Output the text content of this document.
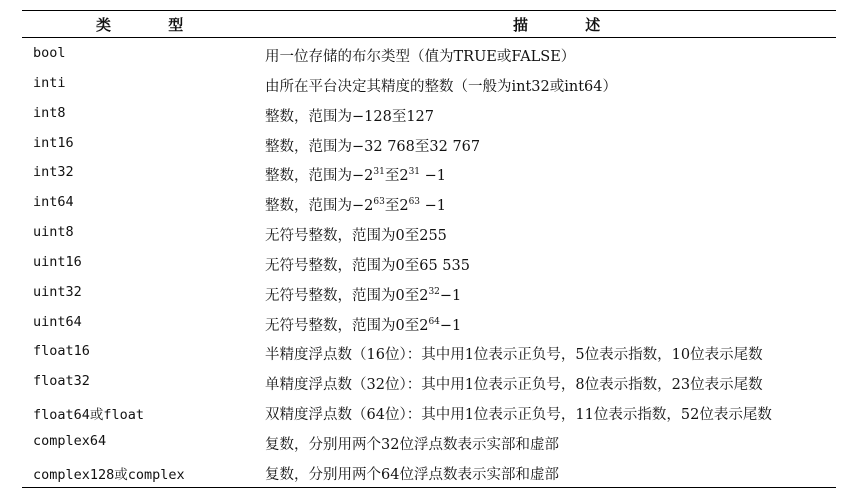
类 型	描 述
bool	用一位存储的布尔类型（值为TRUE或FALSE）
inti	由所在平台决定其精度的整数（一般为int32或int64）
int8	整数，范围为−128至127
int16	整数，范围为−32 768至32 767
int32	整数，范围为$-2^{31}$至$2^{31} -1$
int64	整数，范围为$-2^{63}$至$2^{63} -1$
uint8	无符号整数，范围为0至255
uint16	无符号整数，范围为0至65 535
uint32	无符号整数，范围为0至$2^{32}-1$
uint64	无符号整数，范围为0至$2^{64}-1$
float16	半精度浮点数（16位）：其中用1位表示正负号，5位表示指数，10位表示尾数
float32	单精度浮点数（32位）：其中用1位表示正负号，8位表示指数，23位表示尾数
float64或float	双精度浮点数（64位）：其中用1位表示正负号，11位表示指数，52位表示尾数
complex64	复数，分别用两个32位浮点数表示实部和虚部
complex128或complex	复数，分别用两个64位浮点数表示实部和虚部
